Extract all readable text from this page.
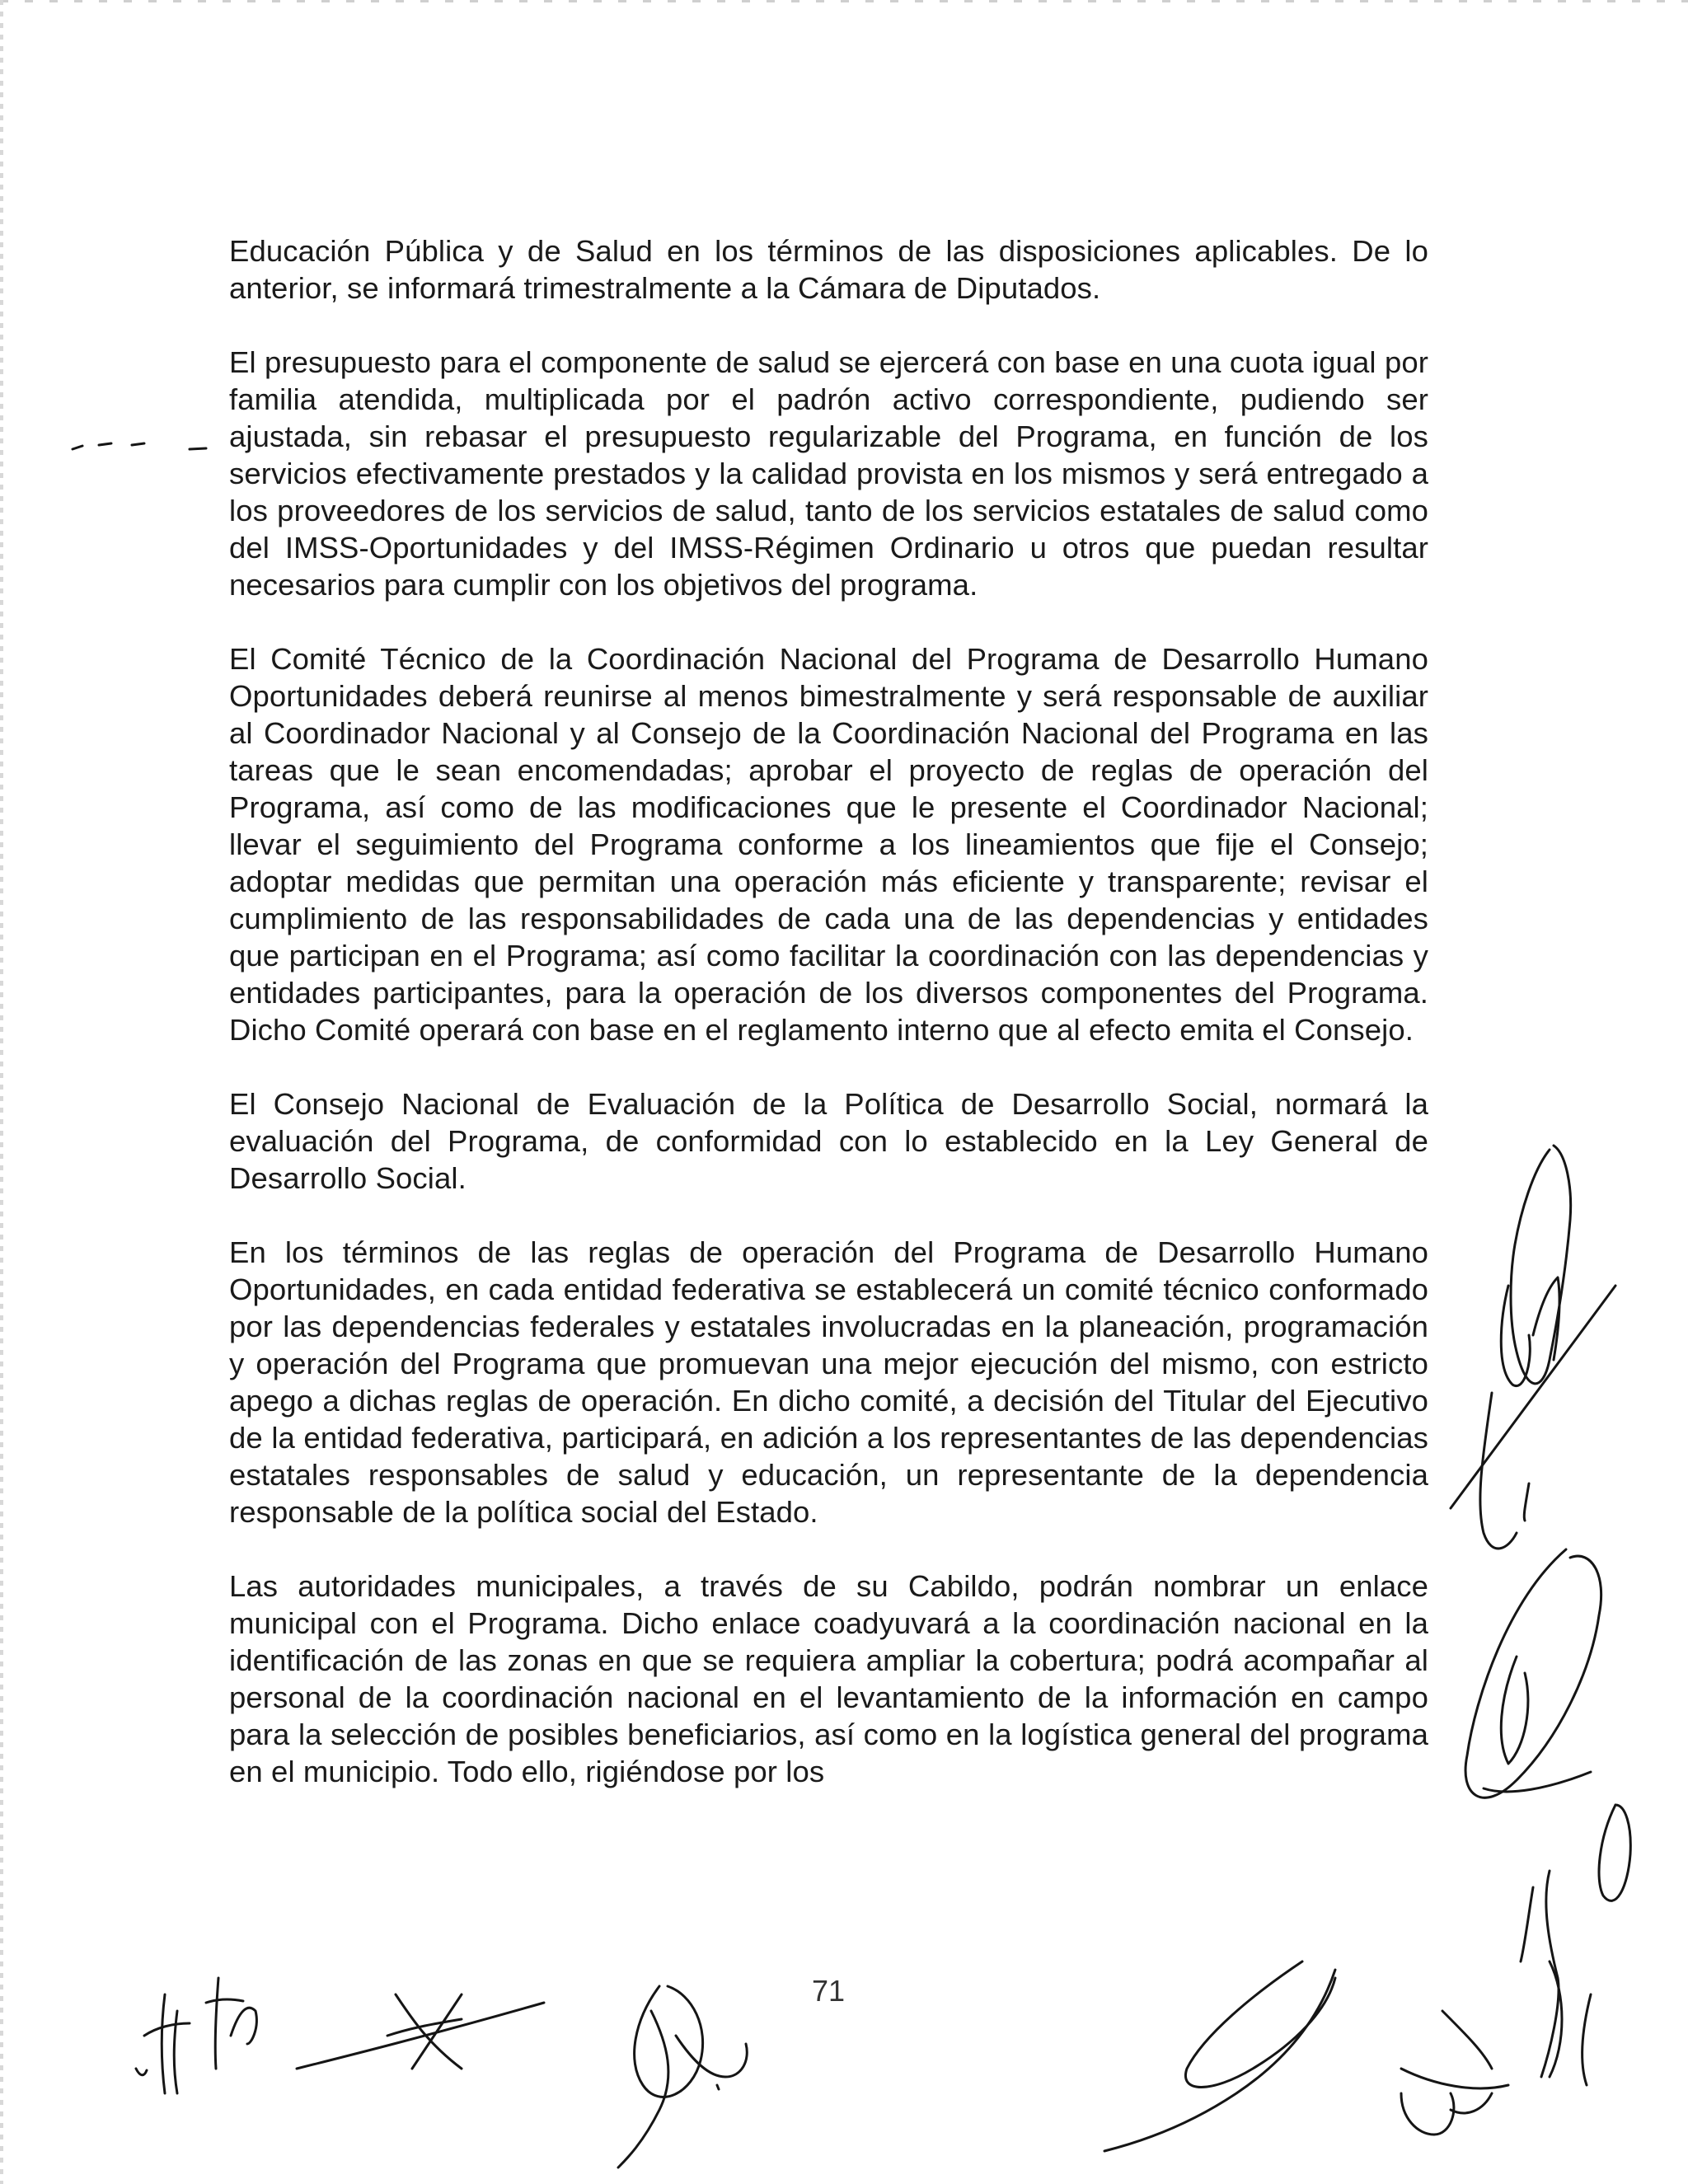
Educación Pública y de Salud en los términos de las disposiciones aplicables. De lo anterior, se informará trimestralmente a la Cámara de Diputados.

El presupuesto para el componente de salud se ejercerá con base en una cuota igual por familia atendida, multiplicada por el padrón activo correspondiente, pudiendo ser ajustada, sin rebasar el presupuesto regularizable del Programa, en función de los servicios efectivamente prestados y la calidad provista en los mismos y será entregado a los proveedores de los servicios de salud, tanto de los servicios estatales de salud como del IMSS-Oportunidades y del IMSS-Régimen Ordinario u otros que puedan resultar necesarios para cumplir con los objetivos del programa.

El Comité Técnico de la Coordinación Nacional del Programa de Desarrollo Humano Oportunidades deberá reunirse al menos bimestralmente y será responsable de auxiliar al Coordinador Nacional y al Consejo de la Coordinación Nacional del Programa en las tareas que le sean encomendadas; aprobar el proyecto de reglas de operación del Programa, así como de las modificaciones que le presente el Coordinador Nacional; llevar el seguimiento del Programa conforme a los lineamientos que fije el Consejo; adoptar medidas que permitan una operación más eficiente y transparente; revisar el cumplimiento de las responsabilidades de cada una de las dependencias y entidades que participan en el Programa; así como facilitar la coordinación con las dependencias y entidades participantes, para la operación de los diversos componentes del Programa. Dicho Comité operará con base en el reglamento interno que al efecto emita el Consejo.

El Consejo Nacional de Evaluación de la Política de Desarrollo Social, normará la evaluación del Programa, de conformidad con lo establecido en la Ley General de Desarrollo Social.

En los términos de las reglas de operación del Programa de Desarrollo Humano Oportunidades, en cada entidad federativa se establecerá un comité técnico conformado por las dependencias federales y estatales involucradas en la planeación, programación y operación del Programa que promuevan una mejor ejecución del mismo, con estricto apego a dichas reglas de operación. En dicho comité, a decisión del Titular del Ejecutivo de la entidad federativa, participará, en adición a los representantes de las dependencias estatales responsables de salud y educación, un representante de la dependencia responsable de la política social del Estado.

Las autoridades municipales, a través de su Cabildo, podrán nombrar un enlace municipal con el Programa. Dicho enlace coadyuvará a la coordinación nacional en la identificación de las zonas en que se requiera ampliar la cobertura; podrá acompañar al personal de la coordinación nacional en el levantamiento de la información en campo para la selección de posibles beneficiarios, así como en la logística general del programa en el municipio. Todo ello, rigiéndose por los

71
